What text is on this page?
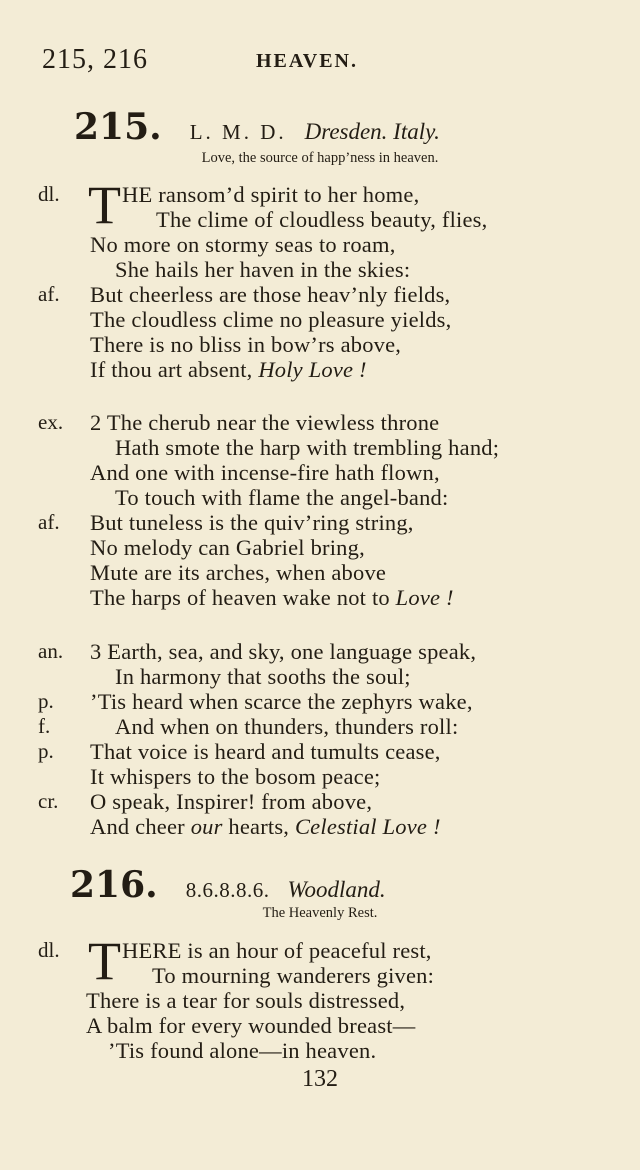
215, 216	HEAVEN.
215. L. M. D. Dresden. Italy.
Love, the source of happ’ness in heaven.
dl. T HE ransom’d spirit to her home,
The clime of cloudless beauty, flies,
No more on stormy seas to roam,
She hails her haven in the skies:
af. But cheerless are those heav’nly fields,
The cloudless clime no pleasure yields,
There is no bliss in bow’rs above,
If thou art absent, Holy Love !
ex. 2 The cherub near the viewless throne
Hath smote the harp with trembling hand;
And one with incense-fire hath flown,
To touch with flame the angel-band:
af. But tuneless is the quiv’ring string,
No melody can Gabriel bring,
Mute are its arches, when above
The harps of heaven wake not to Love !
an. 3 Earth, sea, and sky, one language speak,
In harmony that sooths the soul;
p. ’Tis heard when scarce the zephyrs wake,
f.	And when on thunders, thunders roll:
p. That voice is heard and tumults cease,
It whispers to the bosom peace;
cr. O speak, Inspirer! from above,
And cheer our hearts, Celestial Love !
216. 8.6.8.8.6. Woodland.
The Heavenly Rest.
dl. T HERE is an hour of peaceful rest,
To mourning wanderers given:
There is a tear for souls distressed,
A balm for every wounded breast—
’Tis found alone—in heaven.
132
